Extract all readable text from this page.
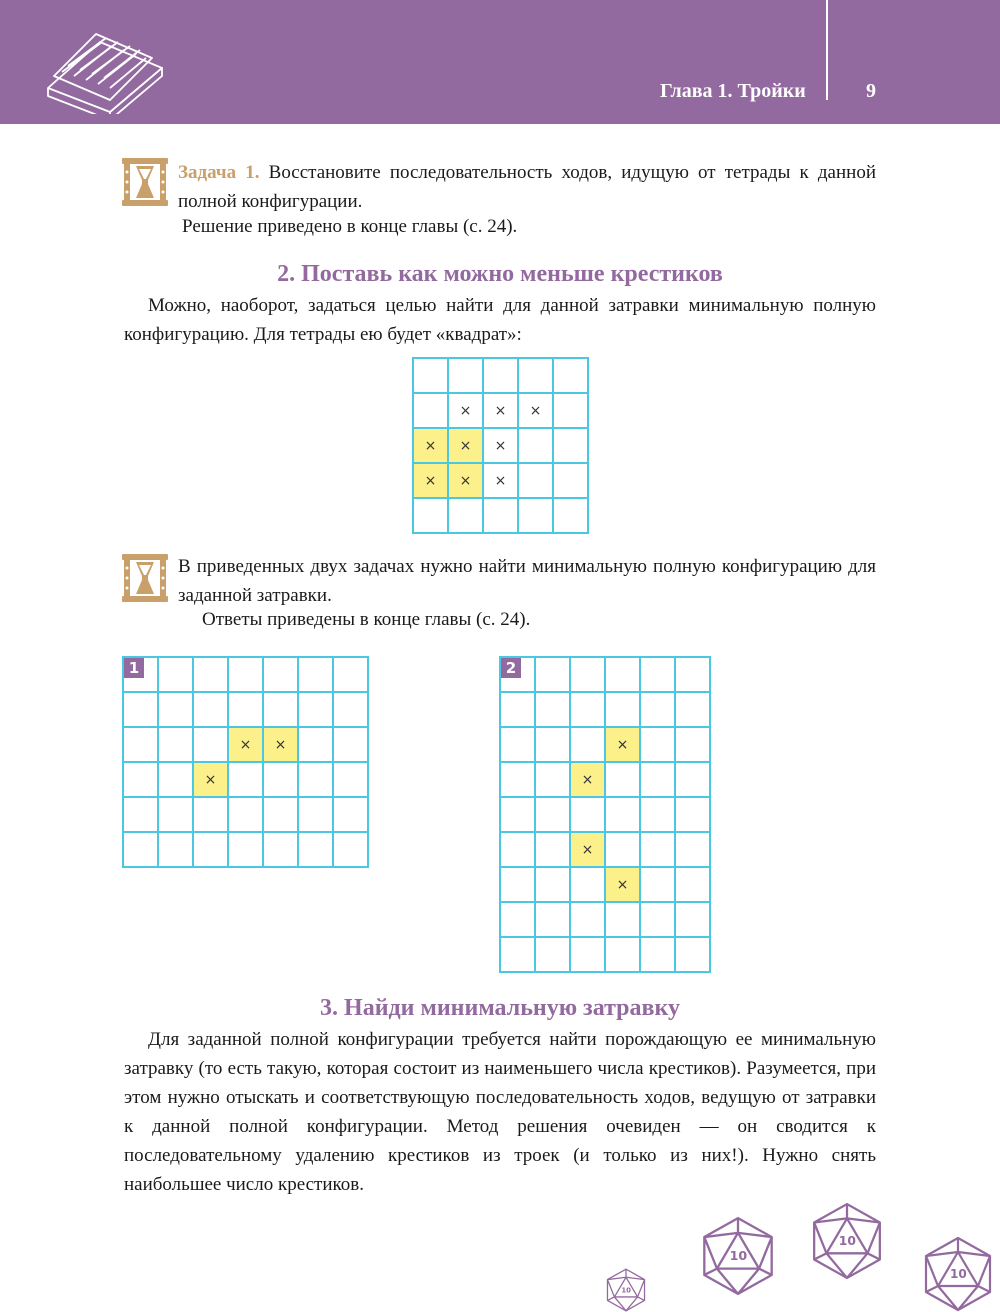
Глава 1. Тройки	9

Задача 1. Восстановите последовательность ходов, идущую от тетрады к данной полной конфигурации.

Решение приведено в конце главы (с. 24).
2. Поставь как можно меньше крестиков

Можно, наоборот, задаться целью найти для данной затравки минимальную полную конфигурацию. Для тетрады ею будет «квадрат»:

	×	×	×	
×	×	×		
×	×	×		

В приведенных двух задачах нужно найти минимальную полную конфигурацию для заданной затравки.
Ответы приведены в конце главы (с. 24).
1						

			×	×		
		×				

2					

			×		
		×			

		×			
			×		

3. Найди минимальную затравку

Для заданной полной конфигурации требуется найти порождающую ее минимальную затравку (то есть такую, которая состоит из наименьшего числа крестиков). Разумеется, при этом нужно отыскать и соответствующую последовательность ходов, ведущую от затравки к данной полной конфигурации. Метод решения очевиден — он сводится к последовательному удалению крестиков из троек (и только из них!). Нужно снять наибольшее число крестиков.

10
10
10
10
